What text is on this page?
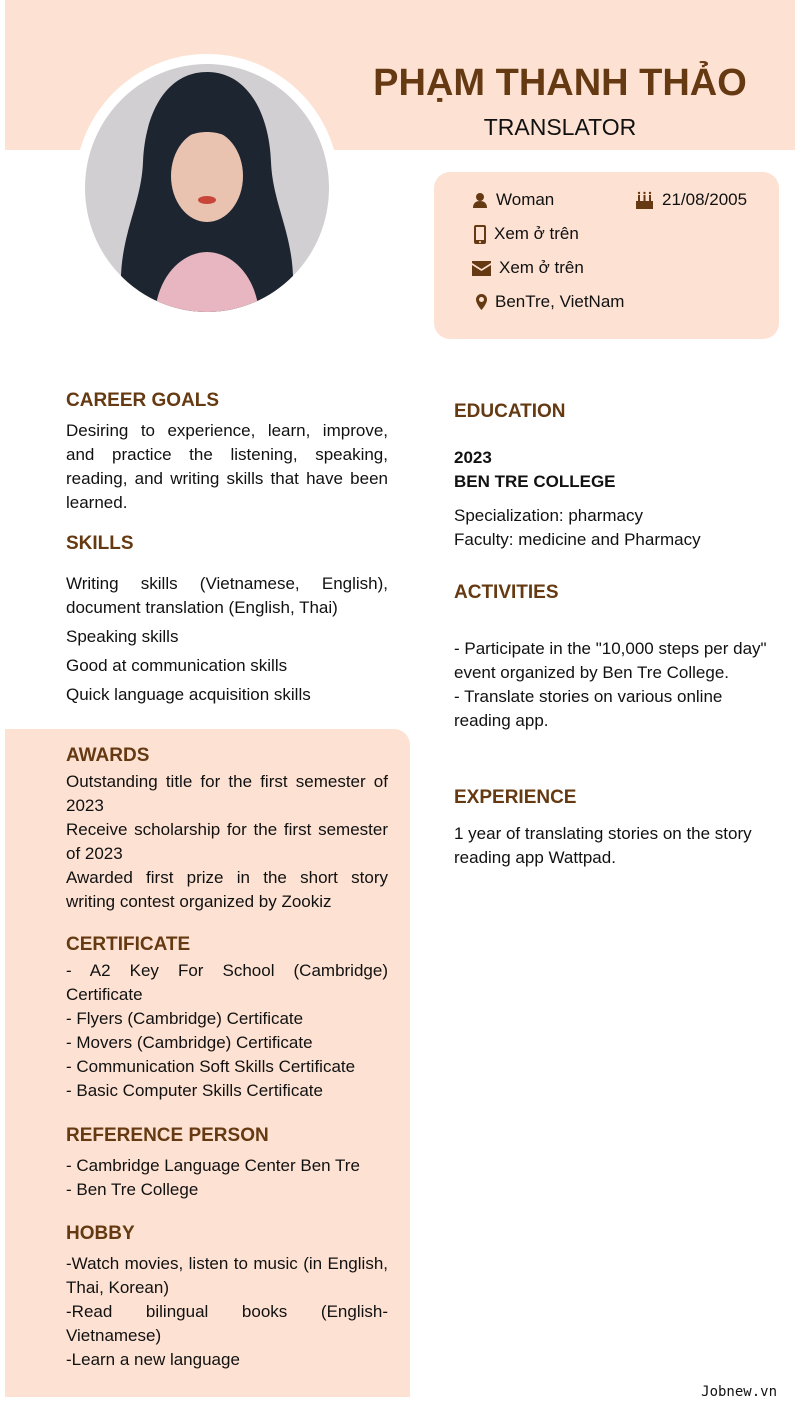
PHẠM THANH THẢO
TRANSLATOR
Woman	21/08/2005
Xem ở trên
Xem ở trên
BenTre, VietNam
CAREER GOALS

Desiring to experience, learn, improve, and practice the listening, speaking, reading, and writing skills that have been learned.

SKILLS

Writing skills (Vietnamese, English), document translation (English, Thai)

Speaking skills

Good at communication skills

Quick language acquisition skills

AWARDS

Outstanding title for the first semester of 2023

Receive scholarship for the first semester of 2023

Awarded first prize in the short story writing contest organized by Zookiz

CERTIFICATE

- A2 Key For School (Cambridge) Certificate

- Flyers (Cambridge) Certificate

- Movers (Cambridge) Certificate

- Communication Soft Skills Certificate

- Basic Computer Skills Certificate

REFERENCE PERSON

- Cambridge Language Center Ben Tre

- Ben Tre College

HOBBY

-Watch movies, listen to music (in English, Thai, Korean)

-Read bilingual books (English-Vietnamese)

-Learn a new language

EDUCATION

2023

BEN TRE COLLEGE

Specialization: pharmacy

Faculty: medicine and Pharmacy

ACTIVITIES

- Participate in the "10,000 steps per day" event organized by Ben Tre College.

- Translate stories on various online reading app.

EXPERIENCE

1 year of translating stories on the story reading app Wattpad.

Jobnew.vn
